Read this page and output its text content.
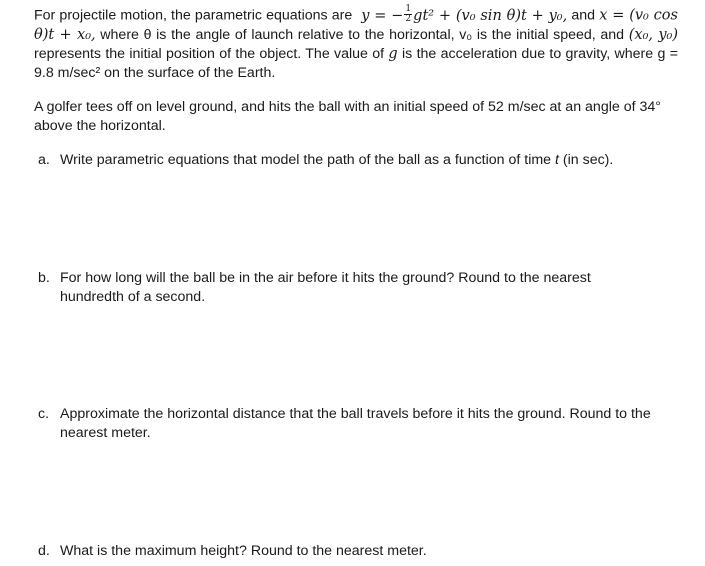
For projectile motion, the parametric equations are y = − $\frac{1}{2} gt^2 + (v_0$ sin θ)t + y₀, and x = (v₀ cos θ)t + x₀, where θ is the angle of launch relative to the horizontal, v₀ is the initial speed, and (x₀, y₀) represents the initial position of the object. The value of g is the acceleration due to gravity, where g = 9.8 m/sec² on the surface of the Earth.
A golfer tees off on level ground, and hits the ball with an initial speed of 52 m/sec at an angle of 34° above the horizontal.
a. Write parametric equations that model the path of the ball as a function of time t (in sec).
b. For how long will the ball be in the air before it hits the ground? Round to the nearest hundredth of a second.
c. Approximate the horizontal distance that the ball travels before it hits the ground. Round to the nearest meter.
d. What is the maximum height? Round to the nearest meter.
